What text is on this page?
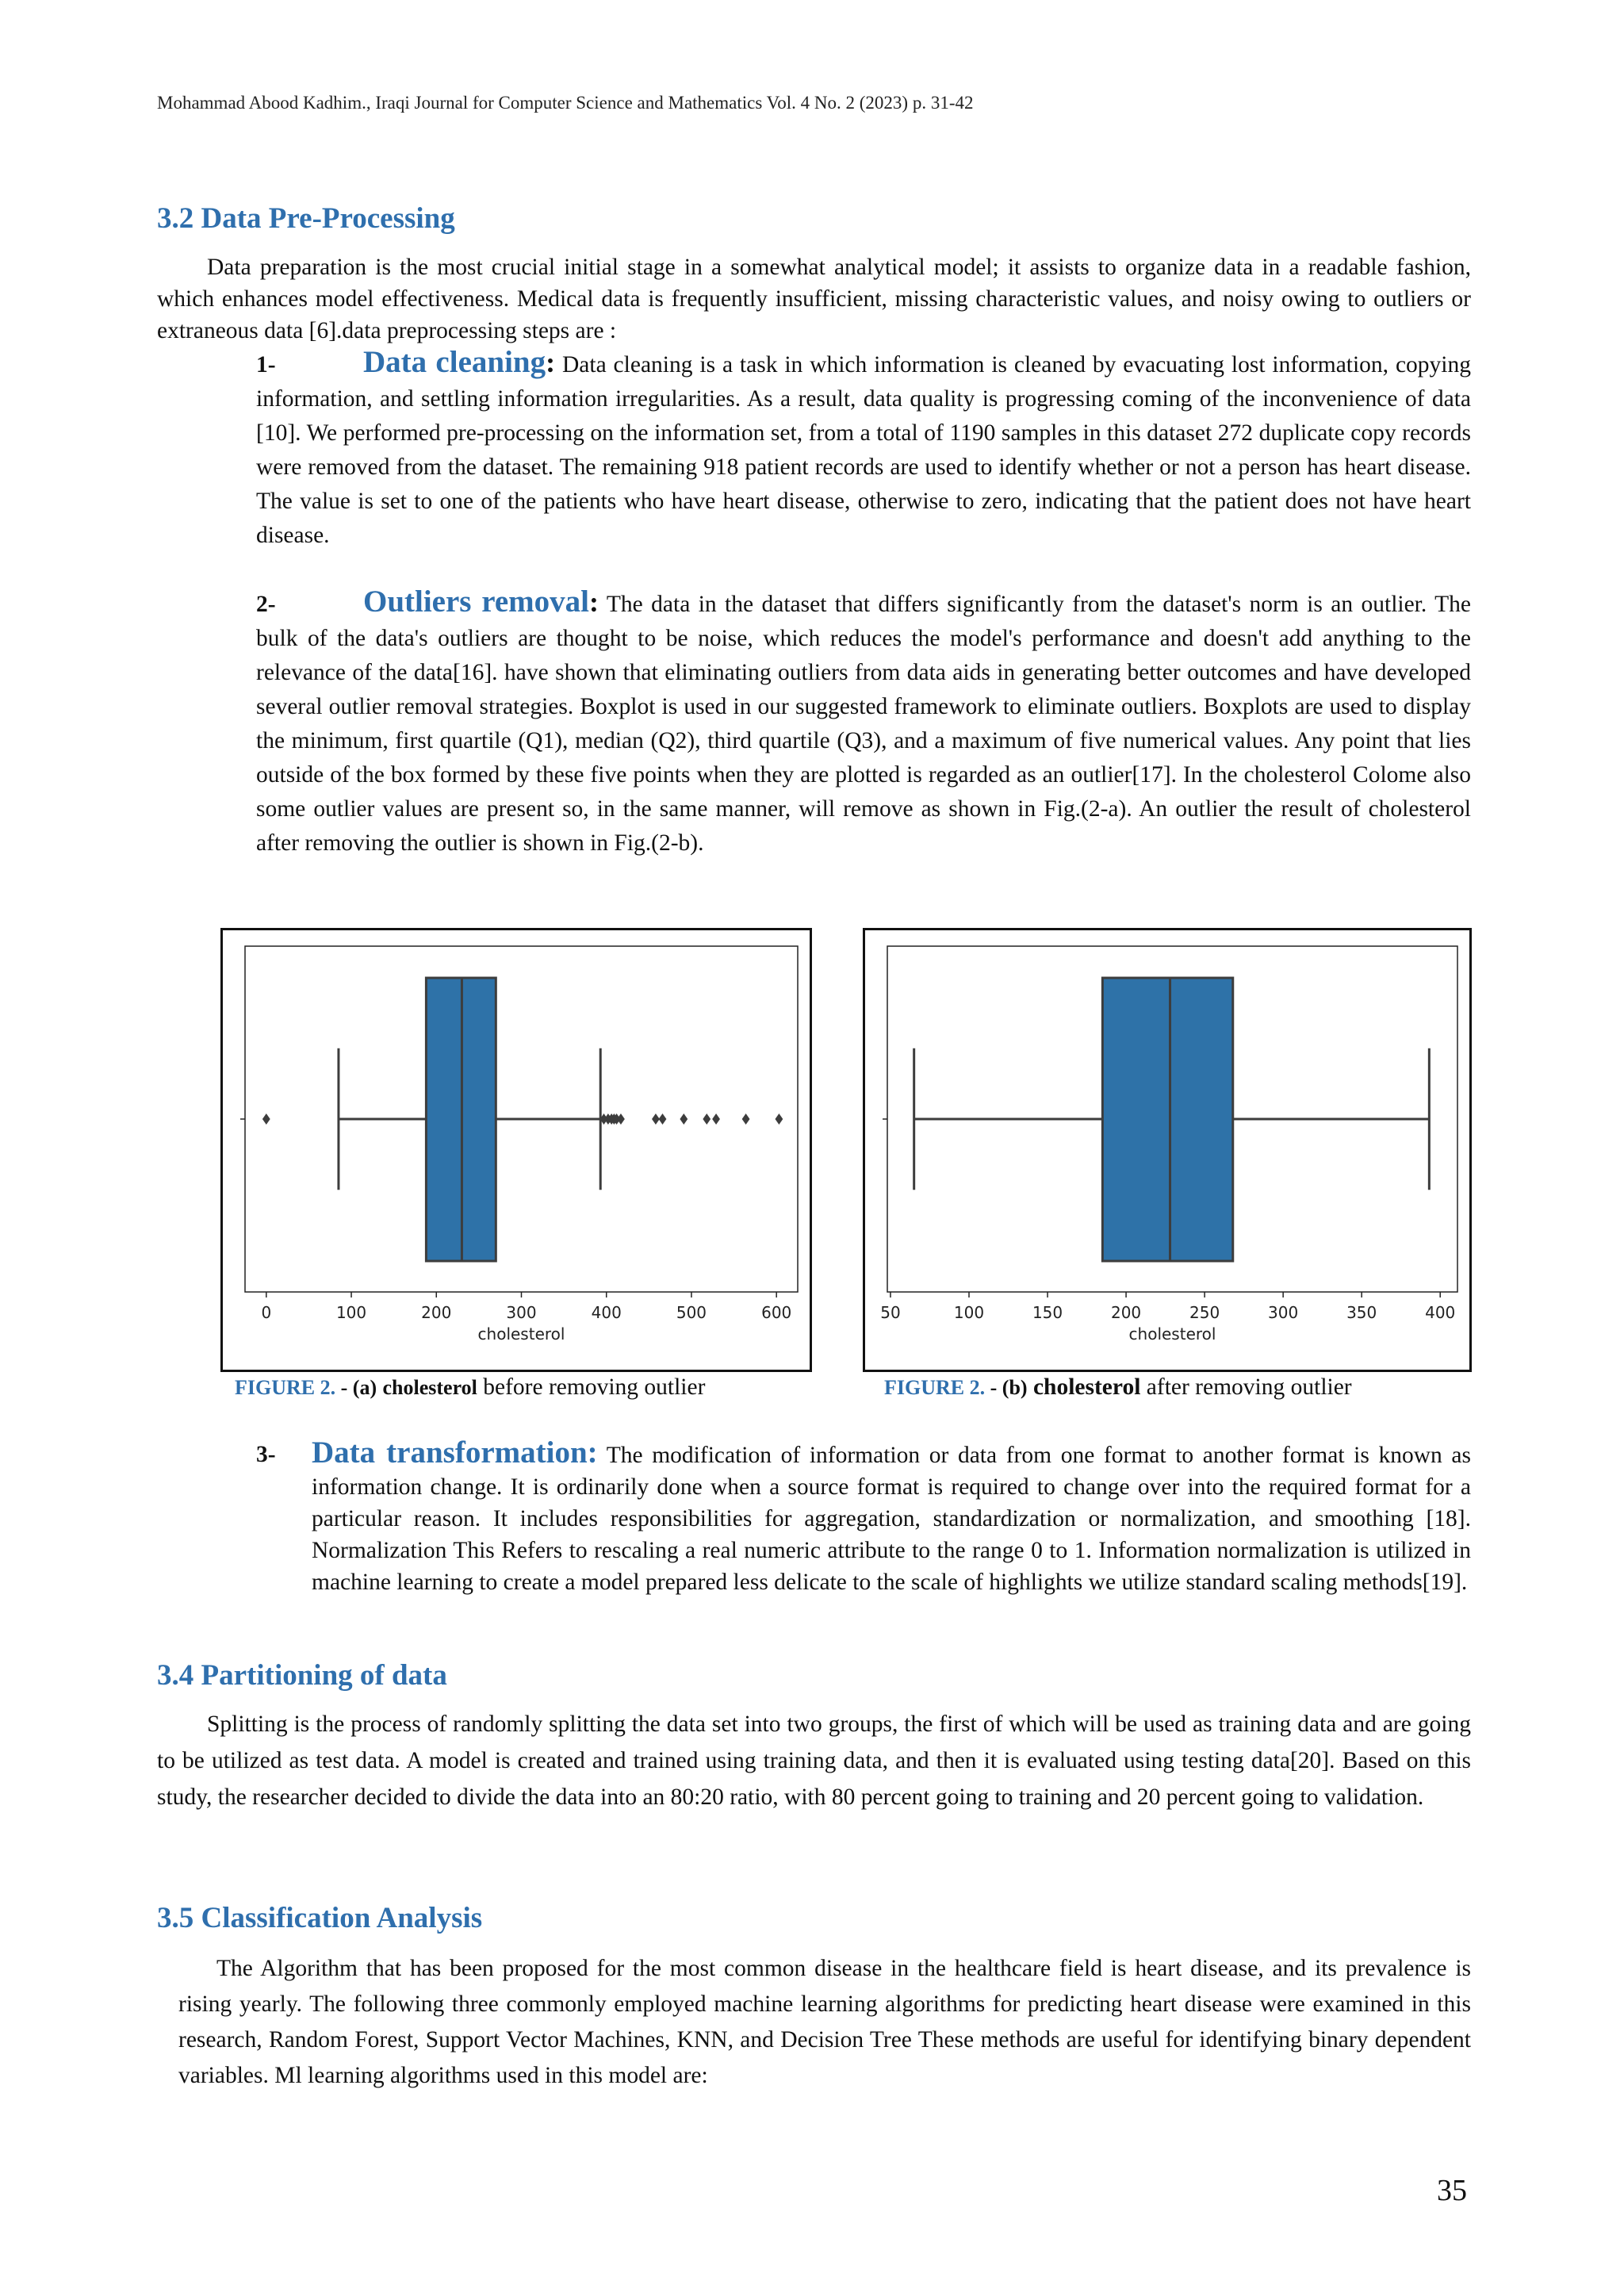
Mohammad Abood Kadhim., Iraqi Journal for Computer Science and Mathematics Vol. 4 No. 2 (2023) p. 31-42
3.2 Data Pre-Processing

Data preparation is the most crucial initial stage in a somewhat analytical model; it assists to organize data in a readable fashion, which enhances model effectiveness. Medical data is frequently insufficient, missing characteristic values, and noisy owing to outliers or extraneous data [6].data preprocessing steps are :

1-	Data cleaning: Data cleaning is a task in which information is cleaned by evacuating lost information, copying information, and settling information irregularities. As a result, data quality is progressing coming of the inconvenience of data [10]. We performed pre-processing on the information set, from a total of 1190 samples in this dataset 272 duplicate copy records were removed from the dataset. The remaining 918 patient records are used to identify whether or not a person has heart disease. The value is set to one of the patients who have heart disease, otherwise to zero, indicating that the patient does not have heart disease.

2-	Outliers removal: The data in the dataset that differs significantly from the dataset's norm is an outlier. The bulk of the data's outliers are thought to be noise, which reduces the model's performance and doesn't add anything to the relevance of the data[16]. have shown that eliminating outliers from data aids in generating better outcomes and have developed several outlier removal strategies. Boxplot is used in our suggested framework to eliminate outliers. Boxplots are used to display the minimum, first quartile (Q1), median (Q2), third quartile (Q3), and a maximum of five numerical values. Any point that lies outside of the box formed by these five points when they are plotted is regarded as an outlier[17]. In the cholesterol Colome also some outlier values are present so, in the same manner, will remove as shown in Fig.(2-a). An outlier the result of cholesterol after removing the outlier is shown in Fig.(2-b).

0	100	200	300	400	500	600
cholesterol
FIGURE 2. - (a) cholesterol before removing outlier
50	100	150	200	250	300	350	400
cholesterol
FIGURE 2. - (b) cholesterol after removing outlier

3- Data transformation: The modification of information or data from one format to another format is known as information change. It is ordinarily done when a source format is required to change over into the required format for a particular reason. It includes responsibilities for aggregation, standardization or normalization, and smoothing [18]. Normalization This Refers to rescaling a real numeric attribute to the range 0 to 1. Information normalization is utilized in machine learning to create a model prepared less delicate to the scale of highlights we utilize standard scaling methods[19].

3.4 Partitioning of data

Splitting is the process of randomly splitting the data set into two groups, the first of which will be used as training data and are going to be utilized as test data. A model is created and trained using training data, and then it is evaluated using testing data[20]. Based on this study, the researcher decided to divide the data into an 80:20 ratio, with 80 percent going to training and 20 percent going to validation.

3.5 Classification Analysis

The Algorithm that has been proposed for the most common disease in the healthcare field is heart disease, and its prevalence is rising yearly. The following three commonly employed machine learning algorithms for predicting heart disease were examined in this research, Random Forest, Support Vector Machines, KNN, and Decision Tree These methods are useful for identifying binary dependent variables. Ml learning algorithms used in this model are:

35
